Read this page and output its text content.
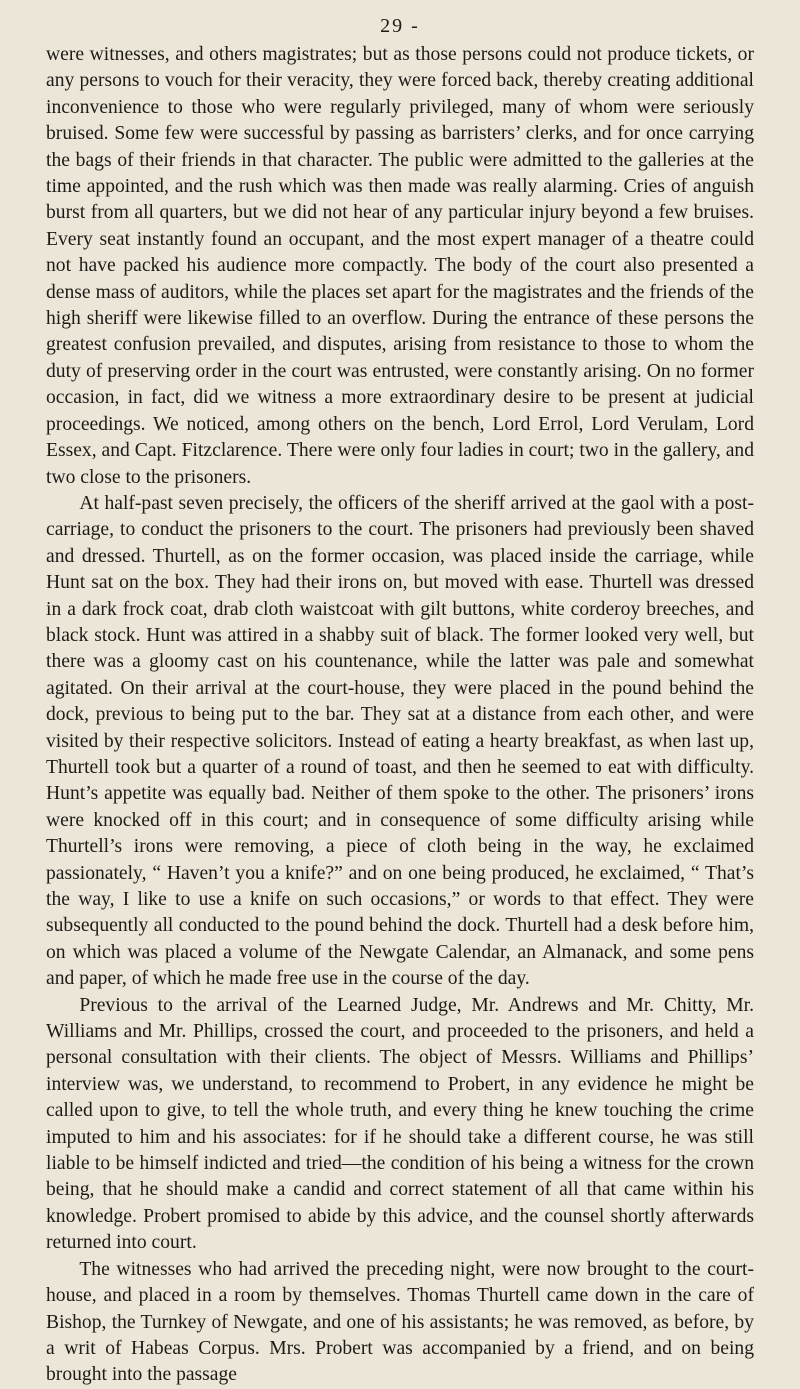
29 -

were witnesses, and others magistrates; but as those persons could not produce tickets, or any persons to vouch for their veracity, they were forced back, thereby creating additional inconvenience to those who were regularly privileged, many of whom were seriously bruised. Some few were successful by passing as barristers’ clerks, and for once carrying the bags of their friends in that character. The public were admitted to the galleries at the time appointed, and the rush which was then made was really alarming. Cries of anguish burst from all quarters, but we did not hear of any particular injury beyond a few bruises. Every seat instantly found an occupant, and the most expert manager of a theatre could not have packed his audience more compactly. The body of the court also presented a dense mass of auditors, while the places set apart for the magistrates and the friends of the high sheriff were likewise filled to an overflow. During the entrance of these persons the greatest confusion prevailed, and disputes, arising from resistance to those to whom the duty of preserving order in the court was entrusted, were constantly arising. On no former occasion, in fact, did we witness a more extraordinary desire to be present at judicial proceedings. We noticed, among others on the bench, Lord Errol, Lord Verulam, Lord Essex, and Capt. Fitzclarence. There were only four ladies in court; two in the gallery, and two close to the prisoners.

At half-past seven precisely, the officers of the sheriff arrived at the gaol with a post-carriage, to conduct the prisoners to the court. The prisoners had previously been shaved and dressed. Thurtell, as on the former occasion, was placed inside the carriage, while Hunt sat on the box. They had their irons on, but moved with ease. Thurtell was dressed in a dark frock coat, drab cloth waistcoat with gilt buttons, white corderoy breeches, and black stock. Hunt was attired in a shabby suit of black. The former looked very well, but there was a gloomy cast on his countenance, while the latter was pale and somewhat agitated. On their arrival at the court-house, they were placed in the pound behind the dock, previous to being put to the bar. They sat at a distance from each other, and were visited by their respective solicitors. Instead of eating a hearty breakfast, as when last up, Thurtell took but a quarter of a round of toast, and then he seemed to eat with difficulty. Hunt’s appetite was equally bad. Neither of them spoke to the other. The prisoners’ irons were knocked off in this court; and in consequence of some difficulty arising while Thurtell’s irons were removing, a piece of cloth being in the way, he exclaimed passionately, “ Haven’t you a knife?” and on one being produced, he exclaimed, “ That’s the way, I like to use a knife on such occasions,” or words to that effect. They were subsequently all conducted to the pound behind the dock. Thurtell had a desk before him, on which was placed a volume of the Newgate Calendar, an Almanack, and some pens and paper, of which he made free use in the course of the day.

Previous to the arrival of the Learned Judge, Mr. Andrews and Mr. Chitty, Mr. Williams and Mr. Phillips, crossed the court, and proceeded to the prisoners, and held a personal consultation with their clients. The object of Messrs. Williams and Phillips’ interview was, we understand, to recommend to Probert, in any evidence he might be called upon to give, to tell the whole truth, and every thing he knew touching the crime imputed to him and his associates: for if he should take a different course, he was still liable to be himself indicted and tried—the condition of his being a witness for the crown being, that he should make a candid and correct statement of all that came within his knowledge. Probert promised to abide by this advice, and the counsel shortly afterwards returned into court.

The witnesses who had arrived the preceding night, were now brought to the court-house, and placed in a room by themselves. Thomas Thurtell came down in the care of Bishop, the Turnkey of Newgate, and one of his assistants; he was removed, as before, by a writ of Habeas Corpus. Mrs. Probert was accompanied by a friend, and on being brought into the passage
